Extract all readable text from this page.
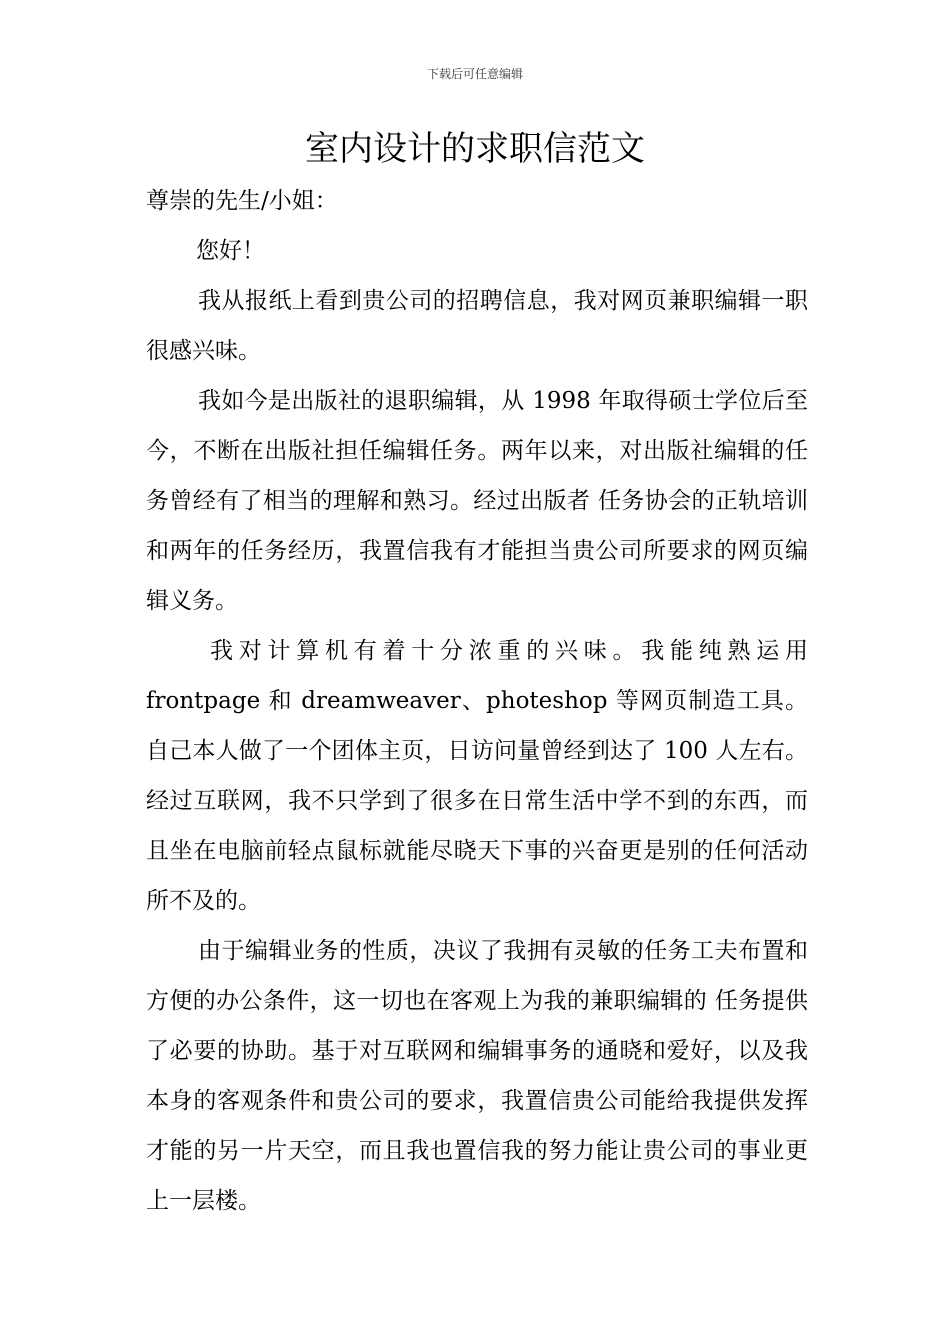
下载后可任意编辑
室内设计的求职信范文

尊崇的先生/小姐：

您好！

我从报纸上看到贵公司的招聘信息，我对网页兼职编辑一职很感兴味。

我如今是出版社的退职编辑，从 1998 年取得硕士学位后至今，不断在出版社担任编辑任务。两年以来，对出版社编辑的任务曾经有了相当的理解和熟习。经过出版者 任务协会的正轨培训和两年的任务经历，我置信我有才能担当贵公司所要求的网页编辑义务。

我对计算机有着十分浓重的兴味。我能纯熟运用 frontpage 和 dreamweaver、photeshop 等网页制造工具。自己本人做了一个团体主页，日访问量曾经到达了 100 人左右。经过互联网，我不只学到了很多在日常生活中学不到的东西，而且坐在电脑前轻点鼠标就能尽晓天下事的兴奋更是别的任何活动所不及的。

由于编辑业务的性质，决议了我拥有灵敏的任务工夫布置和方便的办公条件，这一切也在客观上为我的兼职编辑的 任务提供了必要的协助。基于对互联网和编辑事务的通晓和爱好，以及我本身的客观条件和贵公司的要求，我置信贵公司能给我提供发挥才能的另一片天空，而且我也置信我的努力能让贵公司的事业更上一层楼。
